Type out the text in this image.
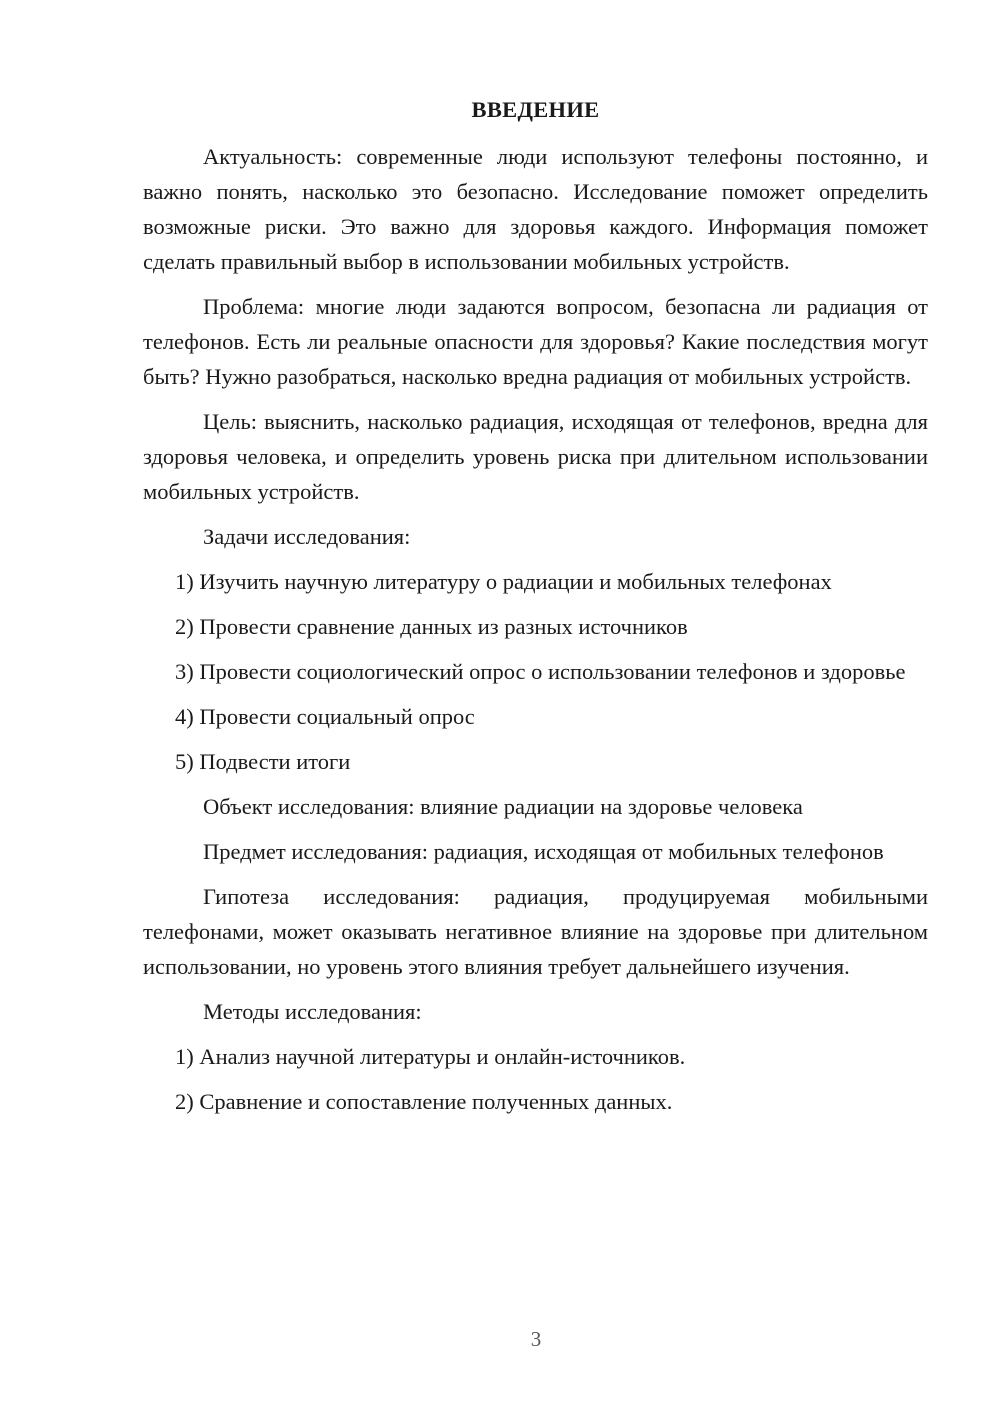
ВВЕДЕНИЕ

Актуальность: современные люди используют телефоны постоянно, и важно понять, насколько это безопасно. Исследование поможет определить возможные риски. Это важно для здоровья каждого. Информация поможет сделать правильный выбор в использовании мобильных устройств.

Проблема: многие люди задаются вопросом, безопасна ли радиация от телефонов. Есть ли реальные опасности для здоровья? Какие последствия могут быть? Нужно разобраться, насколько вредна радиация от мобильных устройств.

Цель: выяснить, насколько радиация, исходящая от телефонов, вредна для здоровья человека, и определить уровень риска при длительном использовании мобильных устройств.

Задачи исследования:

1) Изучить научную литературу о радиации и мобильных телефонах

2) Провести сравнение данных из разных источников

3) Провести социологический опрос о использовании телефонов и здоровье

4) Провести социальный опрос

5) Подвести итоги

Объект исследования: влияние радиации на здоровье человека

Предмет исследования: радиация, исходящая от мобильных телефонов

Гипотеза исследования: радиация, продуцируемая мобильными телефонами, может оказывать негативное влияние на здоровье при длительном использовании, но уровень этого влияния требует дальнейшего изучения.

Методы исследования:

1) Анализ научной литературы и онлайн-источников.

2) Сравнение и сопоставление полученных данных.

3
